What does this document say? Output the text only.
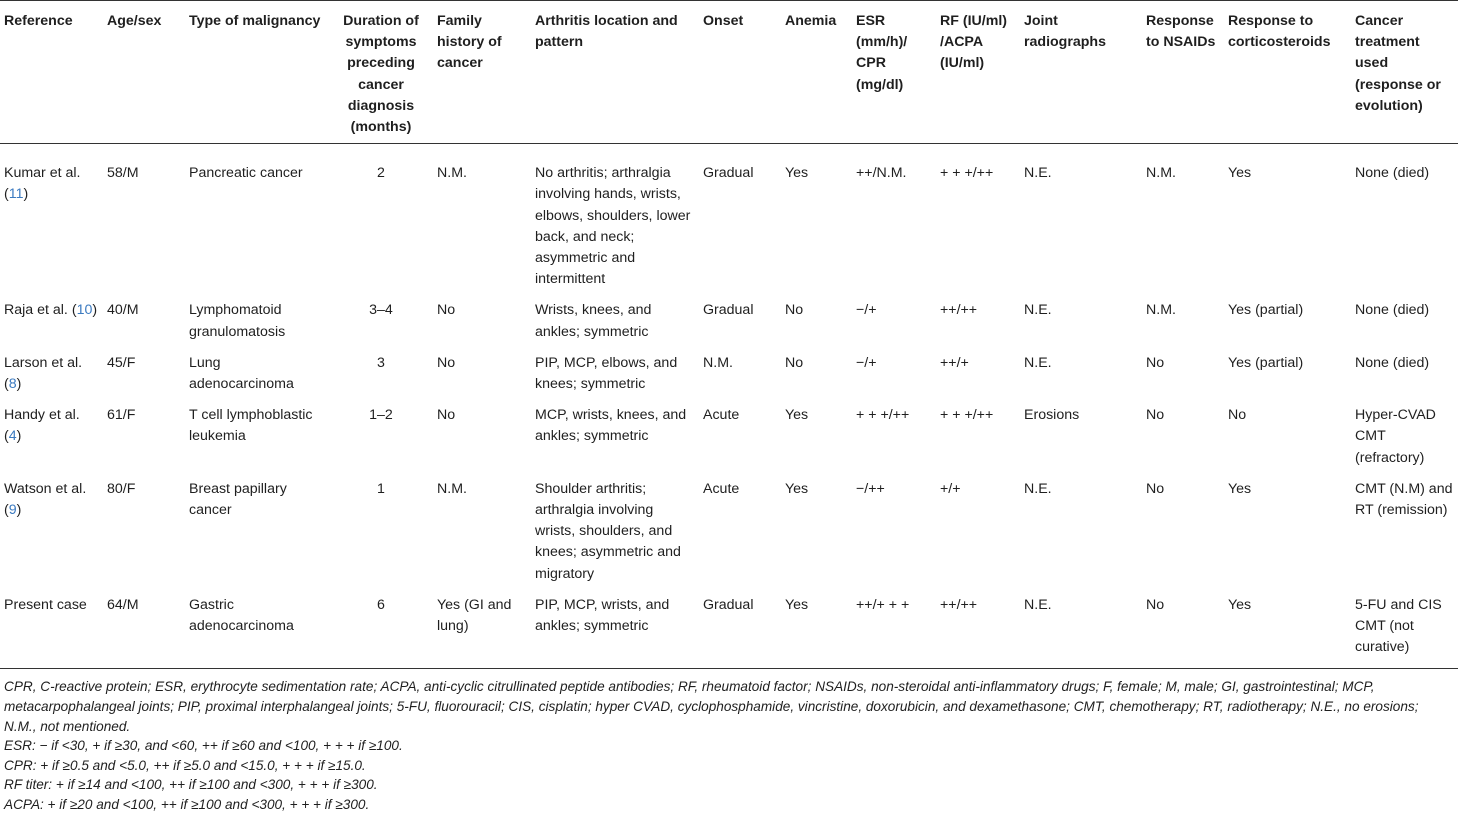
Reference	Age/sex	Type of malignancy	Duration of symptoms preceding cancer diagnosis (months)	Family history of cancer	Arthritis location and pattern	Onset	Anemia	ESR (mm/h)/ CPR (mg/dl)	RF (IU/ml) /ACPA (IU/ml)	Joint radiographs	Response to NSAIDs	Response to corticosteroids	Cancer treatment used (response or evolution)
Kumar et al. (11)	58/M	Pancreatic cancer	2	N.M.	No arthritis; arthralgia involving hands, wrists, elbows, shoulders, lower back, and neck; asymmetric and intermittent	Gradual	Yes	++/N.M.	+ + +/++	N.E.	N.M.	Yes	None (died)
Raja et al. (10)	40/M	Lymphomatoid granulomatosis	3–4	No	Wrists, knees, and ankles; symmetric	Gradual	No	−/+	++/++	N.E.	N.M.	Yes (partial)	None (died)
Larson et al. (8)	45/F	Lung adenocarcinoma	3	No	PIP, MCP, elbows, and knees; symmetric	N.M.	No	−/+	++/+	N.E.	No	Yes (partial)	None (died)
Handy et al. (4)	61/F	T cell lymphoblastic leukemia	1–2	No	MCP, wrists, knees, and ankles; symmetric	Acute	Yes	+ + +/++	+ + +/++	Erosions	No	No	Hyper-CVAD CMT (refractory)
Watson et al. (9)	80/F	Breast papillary cancer	1	N.M.	Shoulder arthritis; arthralgia involving wrists, shoulders, and knees; asymmetric and migratory	Acute	Yes	−/++	+/+	N.E.	No	Yes	CMT (N.M) and RT (remission)
Present case	64/M	Gastric adenocarcinoma	6	Yes (GI and lung)	PIP, MCP, wrists, and ankles; symmetric	Gradual	Yes	++/+ + +	++/++	N.E.	No	Yes	5-FU and CIS CMT (not curative)

CPR, C-reactive protein; ESR, erythrocyte sedimentation rate; ACPA, anti-cyclic citrullinated peptide antibodies; RF, rheumatoid factor; NSAIDs, non-steroidal anti-inflammatory drugs; F, female; M, male; GI, gastrointestinal; MCP, metacarpophalangeal joints; PIP, proximal interphalangeal joints; 5-FU, fluorouracil; CIS, cisplatin; hyper CVAD, cyclophosphamide, vincristine, doxorubicin, and dexamethasone; CMT, chemotherapy; RT, radiotherapy; N.E., no erosions; N.M., not mentioned.

ESR: − if <30, + if ≥30, and <60, ++ if ≥60 and <100, + + + if ≥100.

CPR: + if ≥0.5 and <5.0, ++ if ≥5.0 and <15.0, + + + if ≥15.0.

RF titer: + if ≥14 and <100, ++ if ≥100 and <300, + + + if ≥300.

ACPA: + if ≥20 and <100, ++ if ≥100 and <300, + + + if ≥300.
